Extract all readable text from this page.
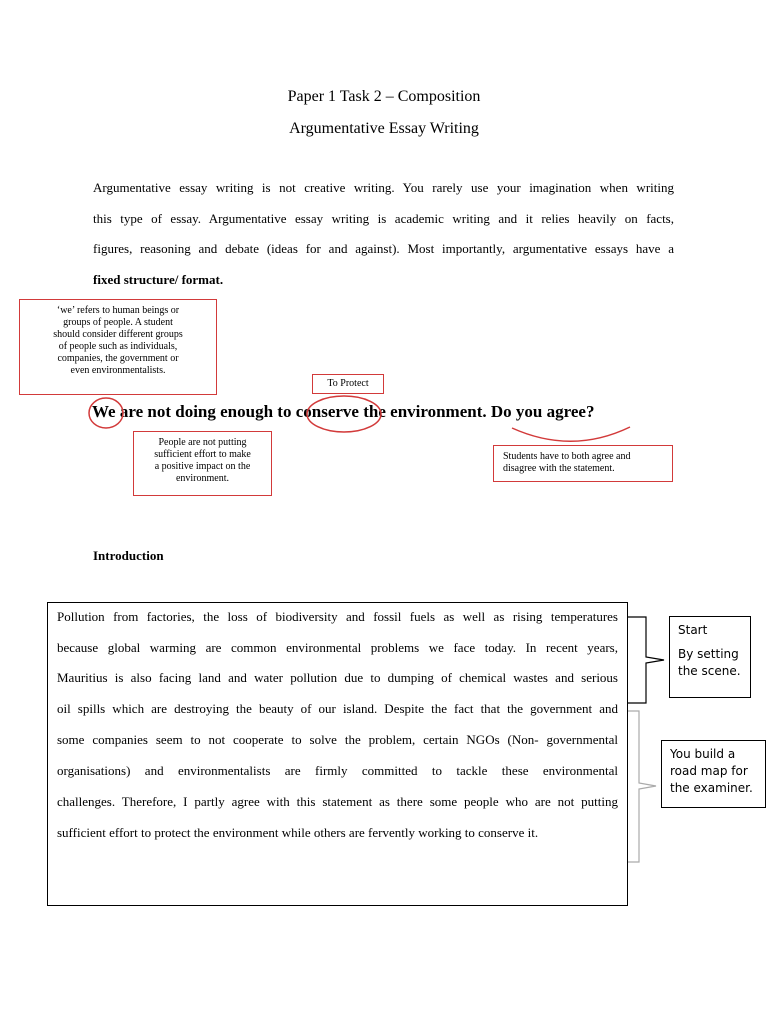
Paper 1 Task 2 – Composition
Argumentative Essay Writing
Argumentative essay writing is not creative writing. You rarely use your imagination when writing
this type of essay. Argumentative essay writing is academic writing and it relies heavily on facts,
figures, reasoning and debate (ideas for and against). Most importantly, argumentative essays have a
fixed structure/ format.
‘we’ refers to human beings or
groups of people. A student
should consider different groups
of people such as individuals,
companies, the government or
even environmentalists.
To Protect
We are not doing enough to conserve the environment. Do you agree?
People are not putting
sufficient effort to make
a positive impact on the
environment.
Students have to both agree and
disagree with the statement.
Introduction
Pollution from factories, the loss of biodiversity and fossil fuels as well as rising temperatures
because global warming are common environmental problems we face today. In recent years,
Mauritius is also facing land and water pollution due to dumping of chemical wastes and serious
oil spills which are destroying the beauty of our island. Despite the fact that the government and
some companies seem to not cooperate to solve the problem, certain NGOs (Non- governmental
organisations) and environmentalists are firmly committed to tackle these environmental
challenges. Therefore, I partly agree with this statement as there some people who are not putting
sufficient effort to protect the environment while others are fervently working to conserve it.
Start
By setting
the scene.
You build a
road map for
the examiner.
